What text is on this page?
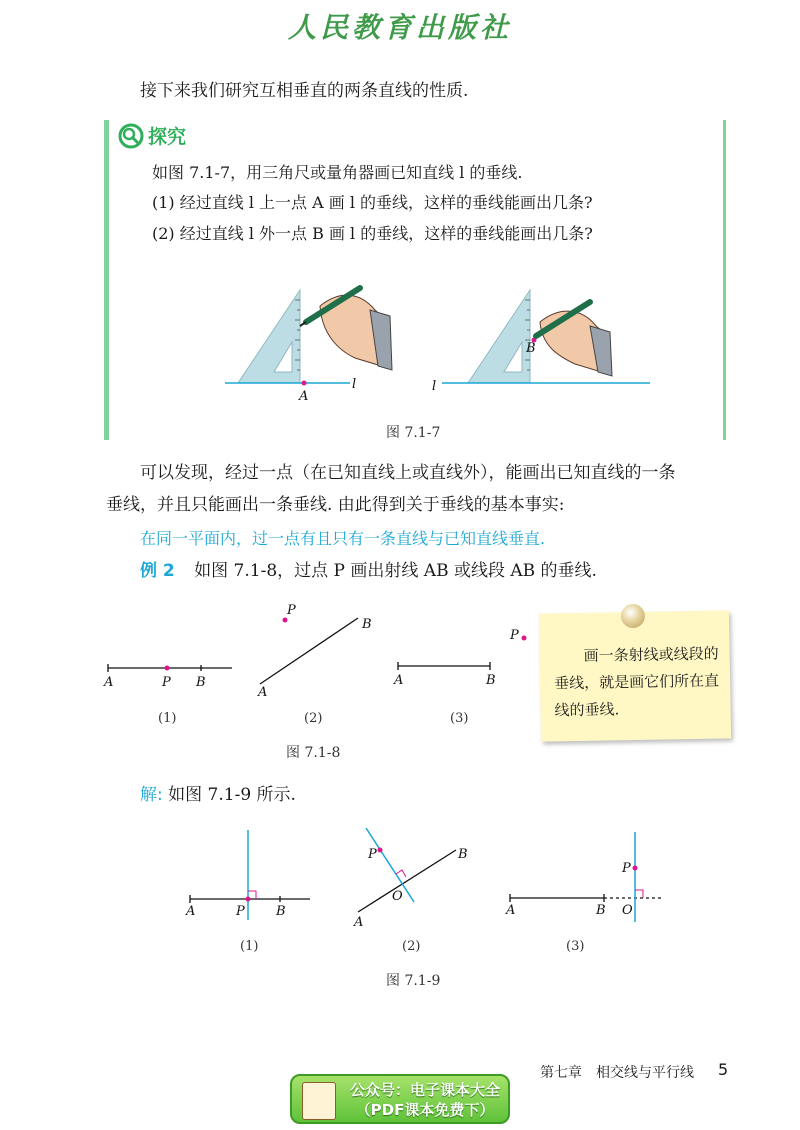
人民教育出版社
接下来我们研究互相垂直的两条直线的性质.
探究
如图 7.1-7，用三角尺或量角器画已知直线 l 的垂线.
(1) 经过直线 l 上一点 A 画 l 的垂线，这样的垂线能画出几条?
(2) 经过直线 l 外一点 B 画 l 的垂线，这样的垂线能画出几条?
A
l
B
l
图 7.1-7
可以发现，经过一点（在已知直线上或直线外），能画出已知直线的一条
垂线，并且只能画出一条垂线. 由此得到关于垂线的基本事实:
在同一平面内，过一点有且只有一条直线与已知直线垂直.
例 2 如图 7.1-8，过点 P 画出射线 AB 或线段 AB 的垂线.
A	P B
P
B
A
P
A	B
(1)	(2)	(3)
图 7.1-8
画一条射线或线段的垂线，就是画它们所在直线的垂线.
解: 如图 7.1-9 所示.
A	P B
P	B
O
A
P
A	B O
(1)	(2)	(3)
图 7.1-9
第七章　相交线与平行线 5
公众号：电子课本大全
（PDF课本免费下）
